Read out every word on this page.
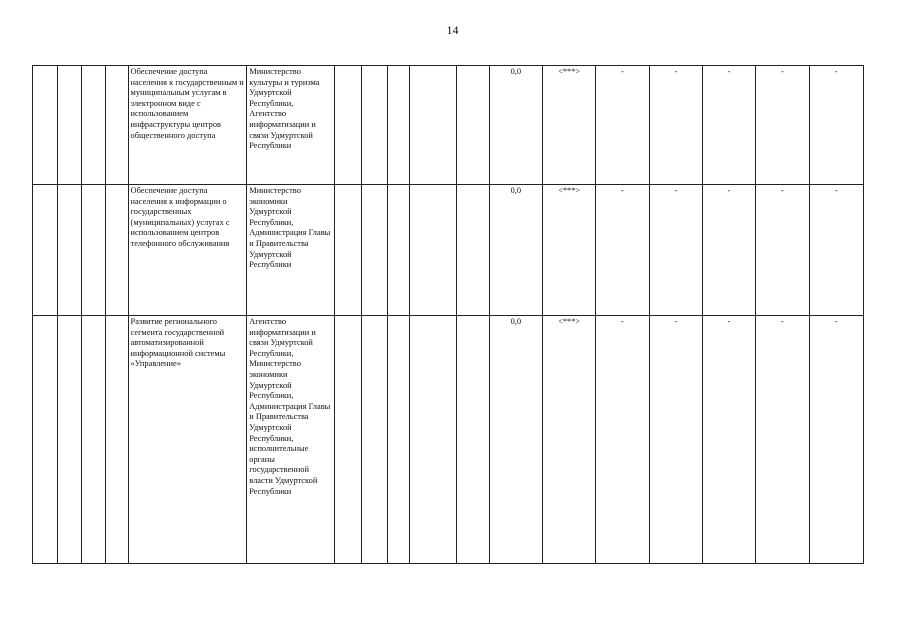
14
				Обеспечение доступа населения к государственным и муниципальным услугам в электронном виде с использованием инфраструктуры центров общественного доступа	Министерство культуры и туризма Удмуртской Республики, Агентство информатизации и связи Удмуртской Республики						0,0	<***>	-	-	-	-	-
				Обеспечение доступа населения к информации о государственных (муниципальных) услугах с использованием центров телефонного обслуживания	Министерство экономики Удмуртской Республики, Администрация Главы и Правительства Удмуртской Республики						0,0	<***>	-	-	-	-	-
				Развитие регионального сегмента государственной автоматизированной информационной системы «Управление»	Агентство информатизации и связи Удмуртской Республики, Министерство экономики Удмуртской Республики, Администрация Главы и Правительства Удмуртской Республики, исполнительные органы государственной власти Удмуртской Республики						0,0	<***>	-	-	-	-	-
